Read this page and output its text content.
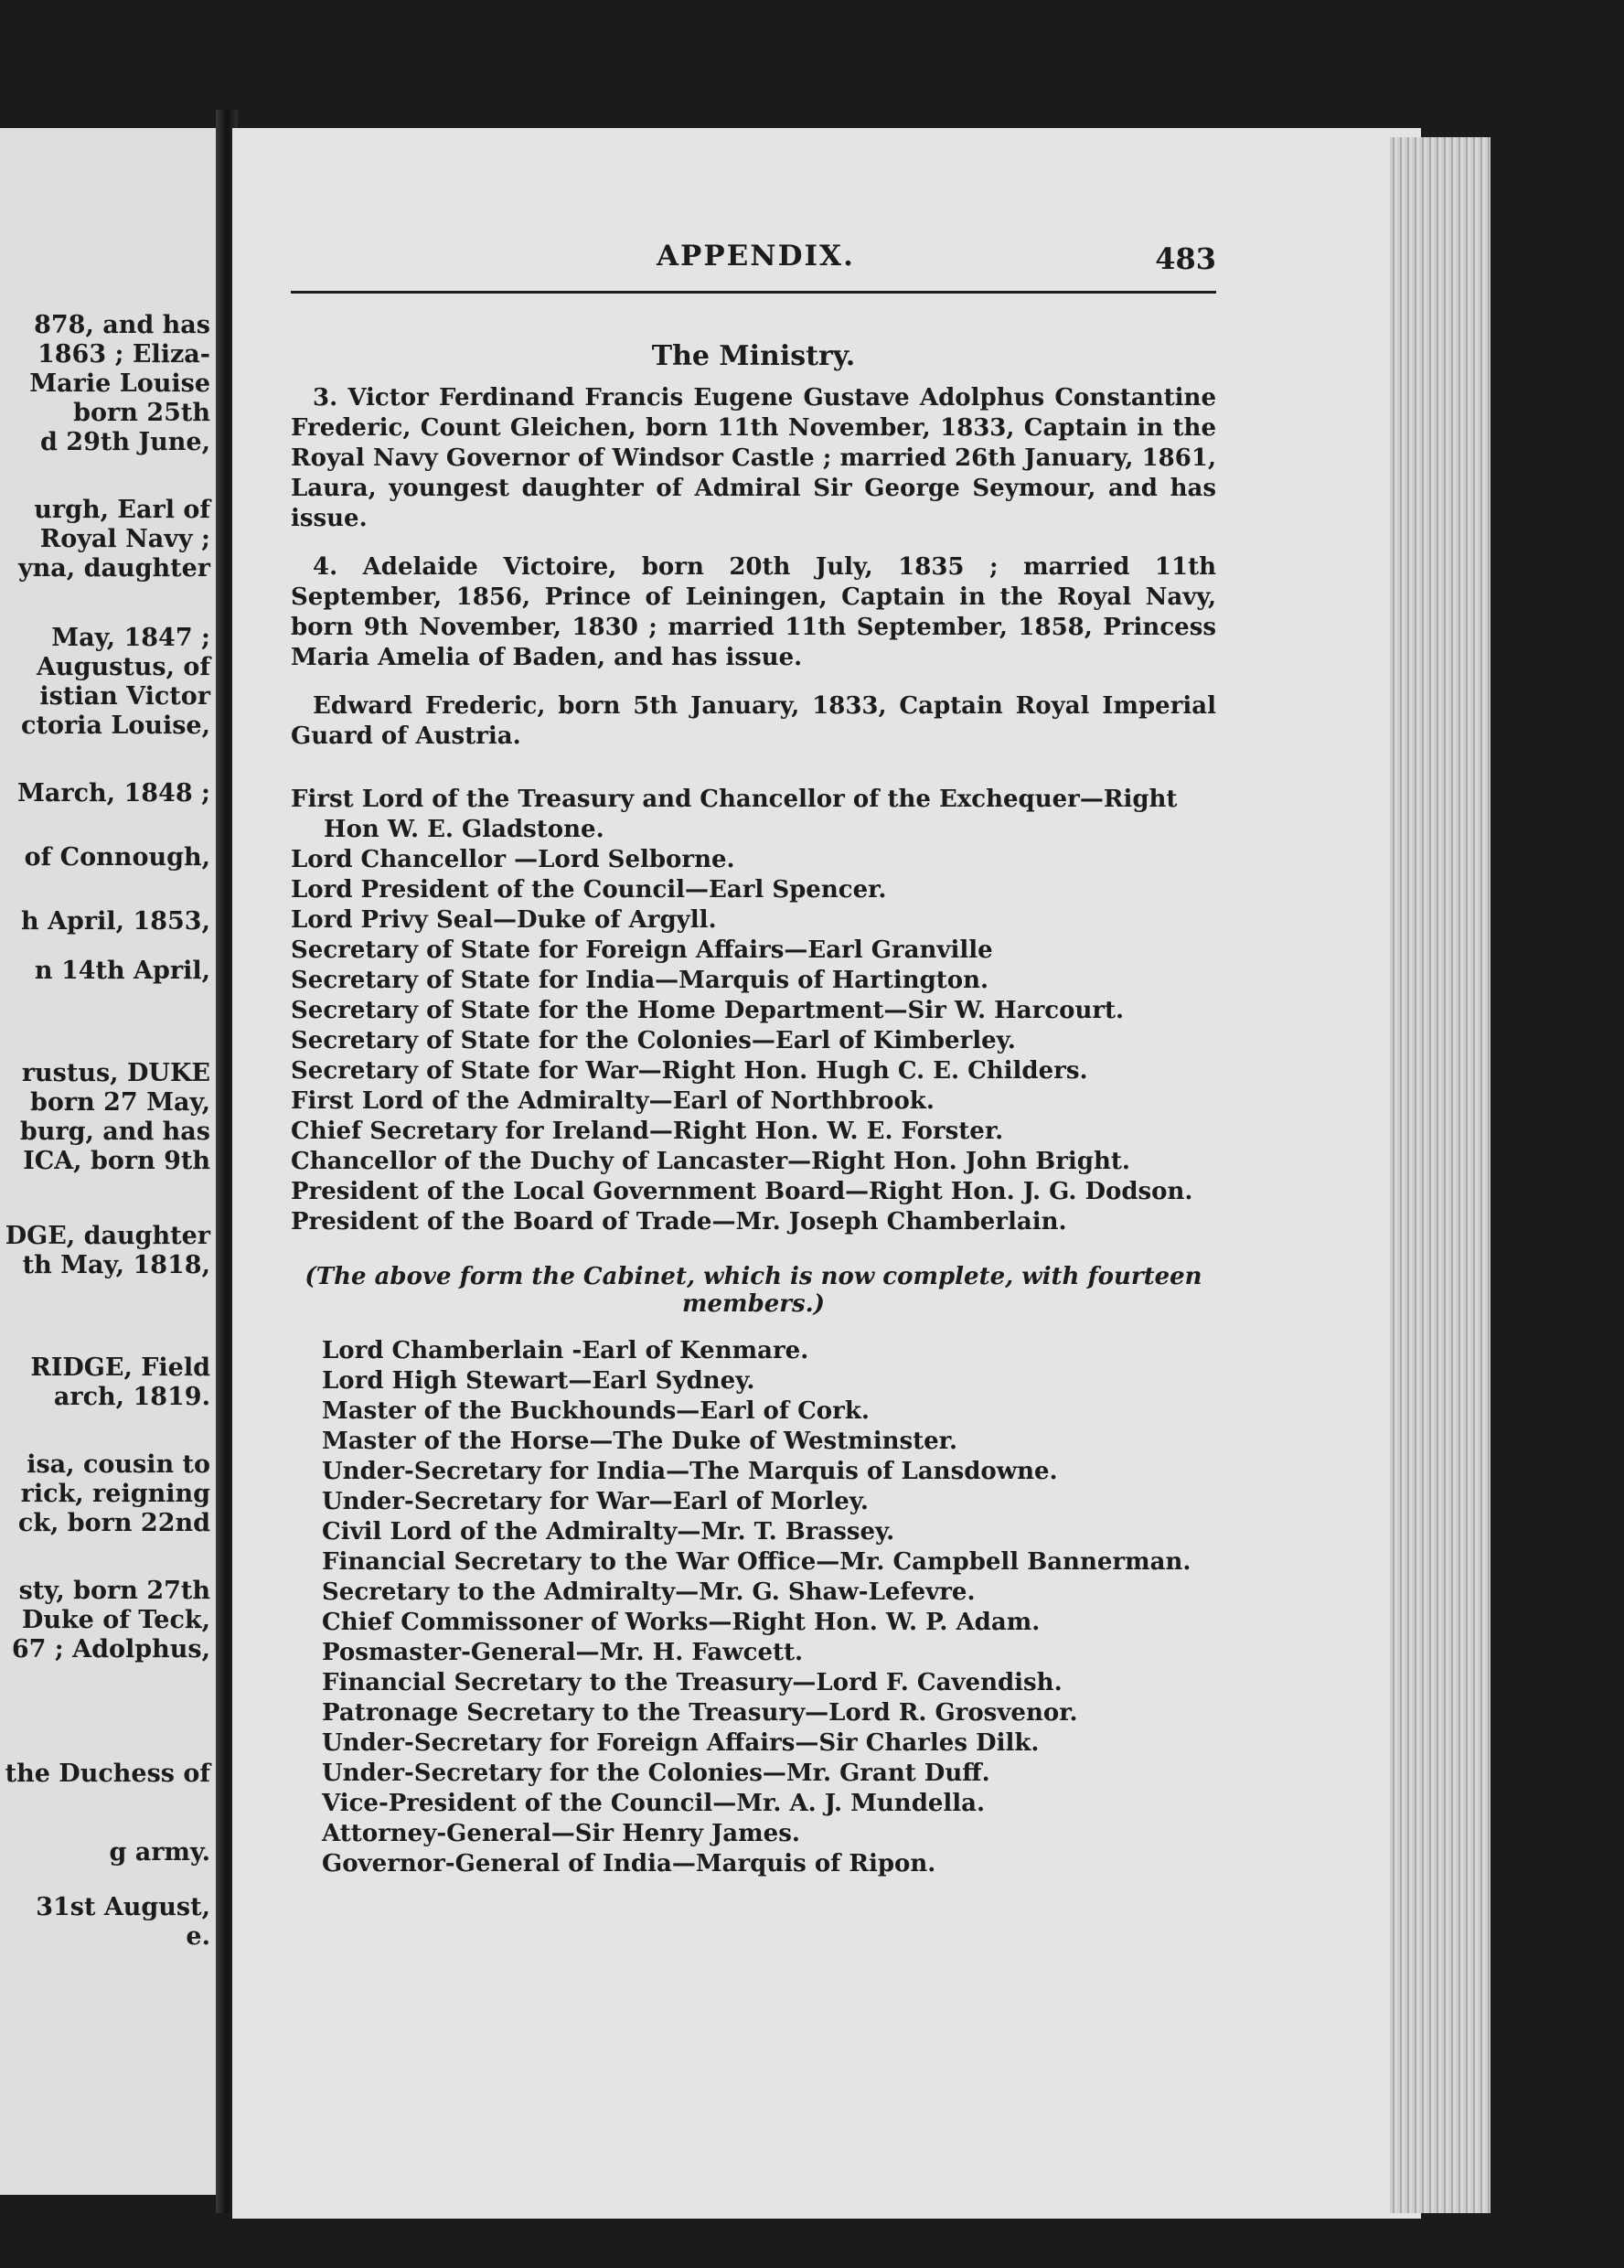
878, and has
1863 ; Eliza-
Marie Louise
born 25th
d 29th June,
urgh, Earl of
Royal Navy ;
yna, daughter
May, 1847 ;
Augustus, of
istian Victor
ctoria Louise,
March, 1848 ;
of Connough,
h April, 1853,
n 14th April,
rustus, DUKE
born 27 May,
burg, and has
ICA, born 9th
DGE, daughter
th May, 1818,
RIDGE, Field
arch, 1819.
isa, cousin to
rick, reigning
ck, born 22nd
sty, born 27th
Duke of Teck,
67 ; Adolphus,
the Duchess of
g army.
31st August,
e.
APPENDIX.	483
The Ministry.

3. Victor Ferdinand Francis Eugene Gustave Adolphus Constantine Frederic, Count Gleichen, born 11th November, 1833, Captain in the Royal Navy Governor of Windsor Castle ; married 26th January, 1861, Laura, youngest daughter of Admiral Sir George Seymour, and has issue.

4. Adelaide Victoire, born 20th July, 1835 ; married 11th September, 1856, Prince of Leiningen, Captain in the Royal Navy, born 9th November, 1830 ; married 11th September, 1858, Princess Maria Amelia of Baden, and has issue.

Edward Frederic, born 5th January, 1833, Captain Royal Imperial Guard of Austria.

First Lord of the Treasury and Chancellor of the Exchequer—Right Hon W. E. Gladstone.
Lord Chancellor —Lord Selborne.
Lord President of the Council—Earl Spencer.
Lord Privy Seal—Duke of Argyll.
Secretary of State for Foreign Affairs—Earl Granville
Secretary of State for India—Marquis of Hartington.
Secretary of State for the Home Department—Sir W. Harcourt.
Secretary of State for the Colonies—Earl of Kimberley.
Secretary of State for War—Right Hon. Hugh C. E. Childers.
First Lord of the Admiralty—Earl of Northbrook.
Chief Secretary for Ireland—Right Hon. W. E. Forster.
Chancellor of the Duchy of Lancaster—Right Hon. John Bright.
President of the Local Government Board—Right Hon. J. G. Dodson.
President of the Board of Trade—Mr. Joseph Chamberlain.
(The above form the Cabinet, which is now complete, with fourteen members.)
Lord Chamberlain -Earl of Kenmare.
Lord High Stewart—Earl Sydney.
Master of the Buckhounds—Earl of Cork.
Master of the Horse—The Duke of Westminster.
Under-Secretary for India—The Marquis of Lansdowne.
Under-Secretary for War—Earl of Morley.
Civil Lord of the Admiralty—Mr. T. Brassey.
Financial Secretary to the War Office—Mr. Campbell Bannerman.
Secretary to the Admiralty—Mr. G. Shaw-Lefevre.
Chief Commissoner of Works—Right Hon. W. P. Adam.
Posmaster-General—Mr. H. Fawcett.
Financial Secretary to the Treasury—Lord F. Cavendish.
Patronage Secretary to the Treasury—Lord R. Grosvenor.
Under-Secretary for Foreign Affairs—Sir Charles Dilk.
Under-Secretary for the Colonies—Mr. Grant Duff.
Vice-President of the Council—Mr. A. J. Mundella.
Attorney-General—Sir Henry James.
Governor-General of India—Marquis of Ripon.
